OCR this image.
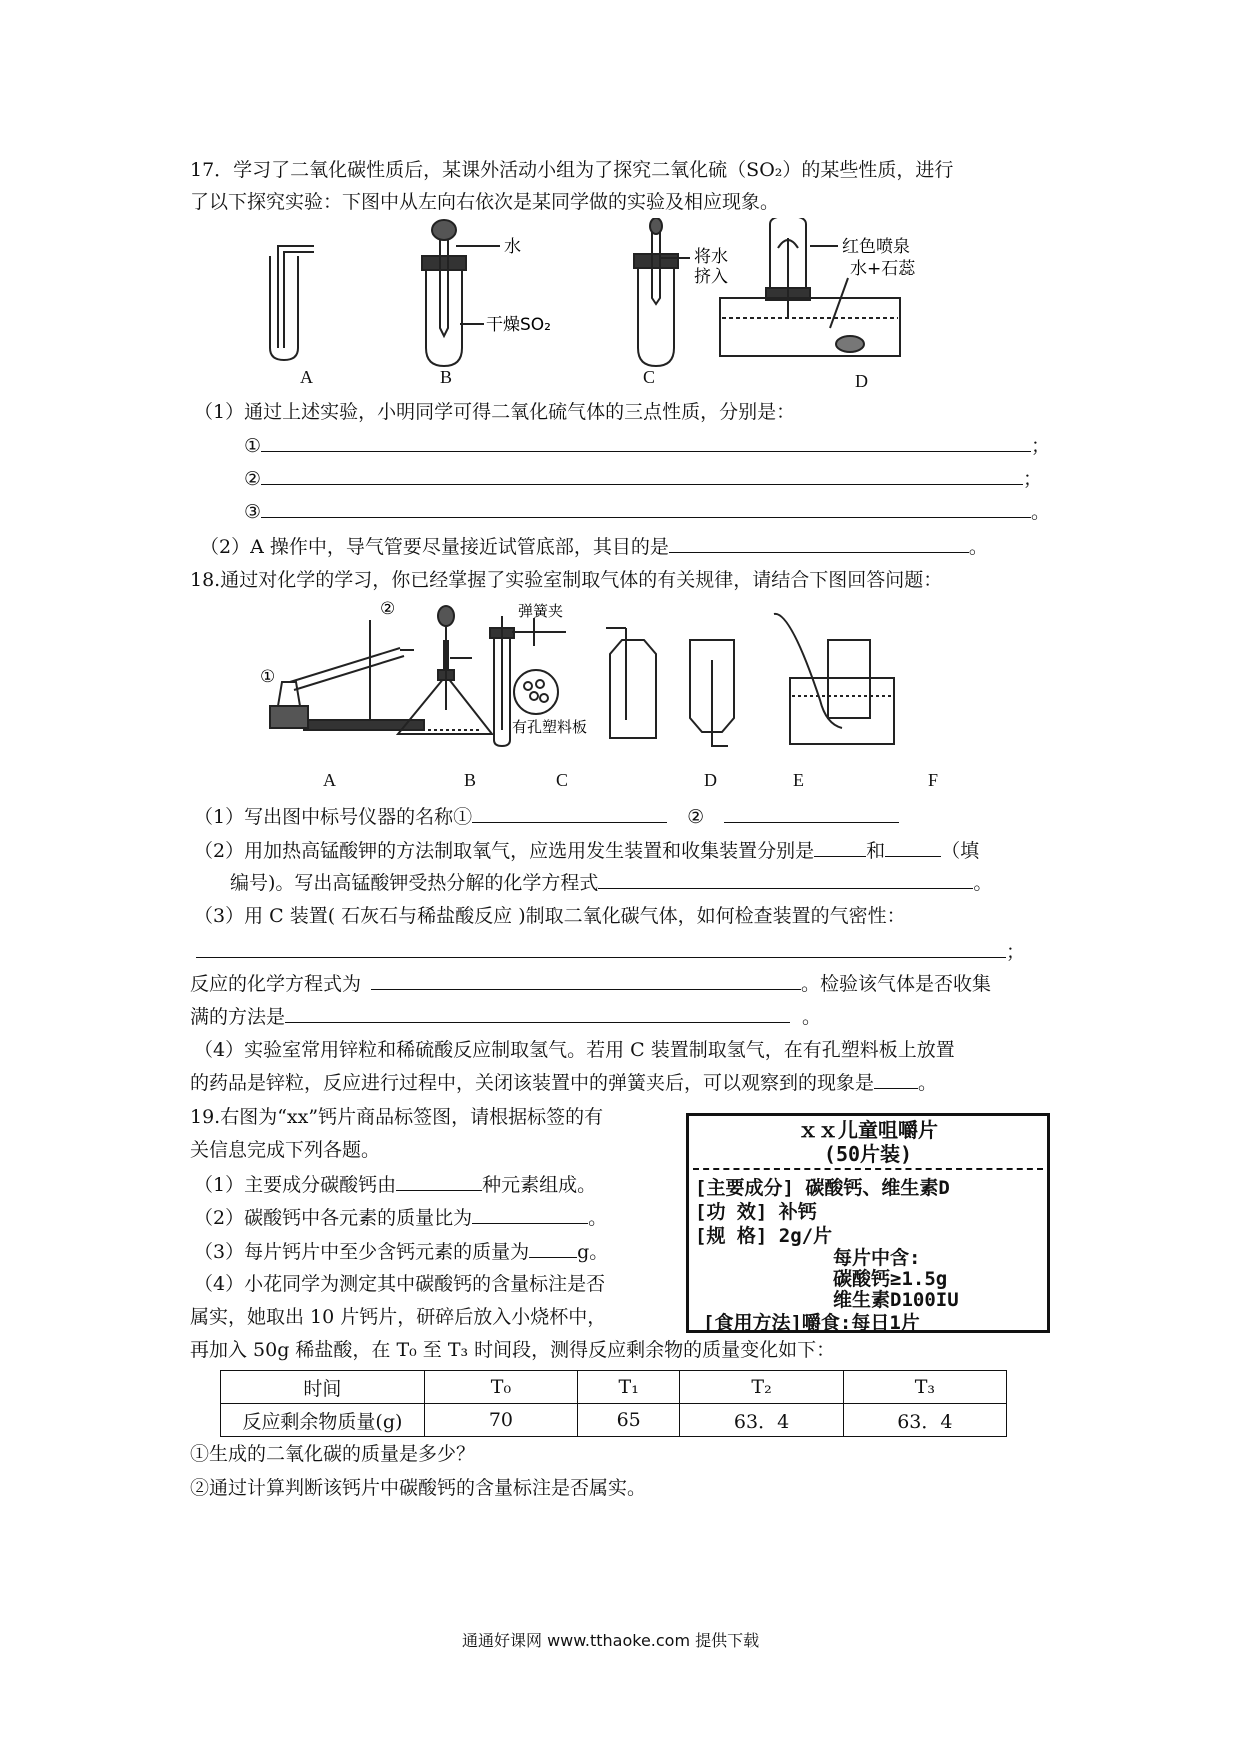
17．学习了二氧化碳性质后，某课外活动小组为了探究二氧化硫（SO₂）的某些性质，进行
了以下探究实验：下图中从左向右依次是某同学做的实验及相应现象。
水
干燥SO₂
将水
挤入
红色喷泉
水+石蕊
A	B	C	D
（1）通过上述实验，小明同学可得二氧化硫气体的三点性质，分别是：
①	；
②	；
③	。
（2）A 操作中，导气管要尽量接近试管底部，其目的是	。
18.通过对化学的学习，你已经掌握了实验室制取气体的有关规律，请结合下图回答问题：
①
②	弹簧夹
有孔塑料板
A	B	C	D	E	F
（1）写出图中标号仪器的名称①	②
（2）用加热高锰酸钾的方法制取氧气，应选用发生装置和收集装置分别是	和	（填
编号)。写出高锰酸钾受热分解的化学方程式	。
（3）用 C 装置( 石灰石与稀盐酸反应 )制取二氧化碳气体，如何检查装置的气密性：
；
反应的化学方程式为	。检验该气体是否收集
满的方法是	。
（4）实验室常用锌粒和稀硫酸反应制取氢气。若用 C 装置制取氢气，在有孔塑料板上放置
的药品是锌粒，反应进行过程中，关闭该装置中的弹簧夹后，可以观察到的现象是 。
19.右图为“xx”钙片商品标签图，请根据标签的有
关信息完成下列各题。
（1）主要成分碳酸钙由	种元素组成。
（2）碳酸钙中各元素的质量比为	。
（3）每片钙片中至少含钙元素的质量为	g。
（4）小花同学为测定其中碳酸钙的含量标注是否
属实，她取出 10 片钙片，研碎后放入小烧杯中，
再加入 50g 稀盐酸，在 T₀ 至 T₃ 时间段，测得反应剩余物的质量变化如下：
ｘｘ儿童咀嚼片
(50片装)
[主要成分] 碳酸钙、维生素D
[功 效] 补钙
[规 格] 2g/片
每片中含:
碳酸钙≥1.5g
维生素D100IU
[食用方法]嚼食:每日1片
时间	T₀	T₁	T₂	T₃
反应剩余物质量(g)	70	65	63．4	63．4
①生成的二氧化碳的质量是多少？
②通过计算判断该钙片中碳酸钙的含量标注是否属实。
通通好课网 www.tthaoke.com 提供下载
